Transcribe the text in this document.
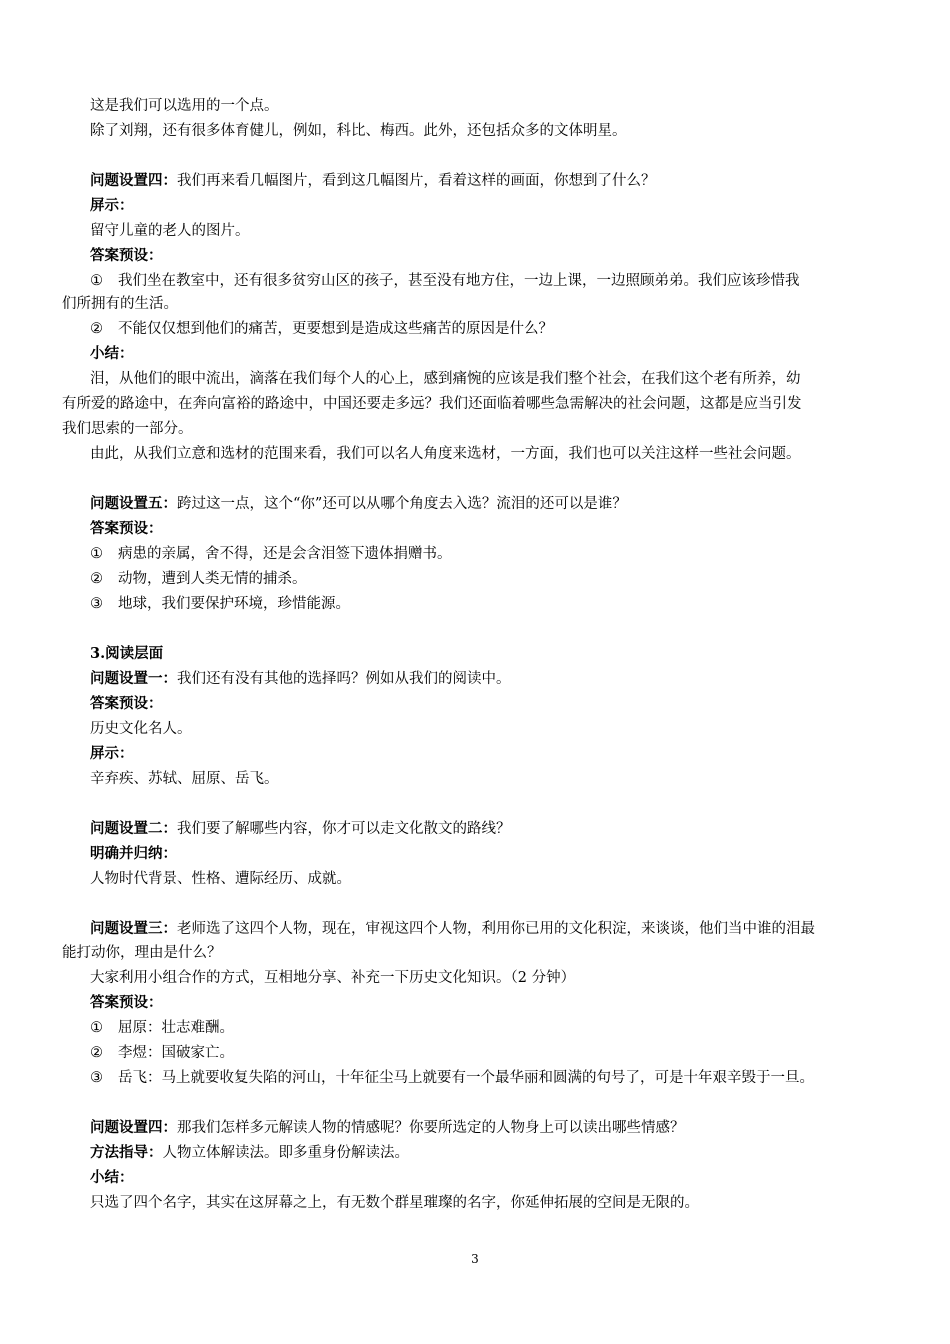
这是我们可以选用的一个点。
除了刘翔，还有很多体育健儿，例如，科比、梅西。此外，还包括众多的文体明星。
问题设置四：我们再来看几幅图片，看到这几幅图片，看着这样的画面，你想到了什么？
屏示：
留守儿童的老人的图片。
答案预设：
① 我们坐在教室中，还有很多贫穷山区的孩子，甚至没有地方住，一边上课，一边照顾弟弟。我们应该珍惜我
们所拥有的生活。
② 不能仅仅想到他们的痛苦，更要想到是造成这些痛苦的原因是什么？
小结：
泪，从他们的眼中流出，滴落在我们每个人的心上，感到痛惋的应该是我们整个社会，在我们这个老有所养，幼
有所爱的路途中，在奔向富裕的路途中，中国还要走多远？我们还面临着哪些急需解决的社会问题，这都是应当引发
我们思索的一部分。
由此，从我们立意和选材的范围来看，我们可以名人角度来选材，一方面，我们也可以关注这样一些社会问题。
问题设置五：跨过这一点，这个“你”还可以从哪个角度去入选？流泪的还可以是谁？
答案预设：
① 病患的亲属，舍不得，还是会含泪签下遗体捐赠书。
② 动物，遭到人类无情的捕杀。
③ 地球，我们要保护环境，珍惜能源。
3.阅读层面
问题设置一：我们还有没有其他的选择吗？例如从我们的阅读中。
答案预设：
历史文化名人。
屏示：
辛弃疾、苏轼、屈原、岳飞。
问题设置二：我们要了解哪些内容，你才可以走文化散文的路线？
明确并归纳：
人物时代背景、性格、遭际经历、成就。
问题设置三：老师选了这四个人物，现在，审视这四个人物，利用你已用的文化积淀，来谈谈，他们当中谁的泪最
能打动你，理由是什么？
大家利用小组合作的方式，互相地分享、补充一下历史文化知识。（2 分钟）
答案预设：
① 屈原：壮志难酬。
② 李煜：国破家亡。
③ 岳飞：马上就要收复失陷的河山，十年征尘马上就要有一个最华丽和圆满的句号了，可是十年艰辛毁于一旦。
问题设置四：那我们怎样多元解读人物的情感呢？你要所选定的人物身上可以读出哪些情感？
方法指导：人物立体解读法。即多重身份解读法。
小结：
只选了四个名字，其实在这屏幕之上，有无数个群星璀璨的名字，你延伸拓展的空间是无限的。
3
